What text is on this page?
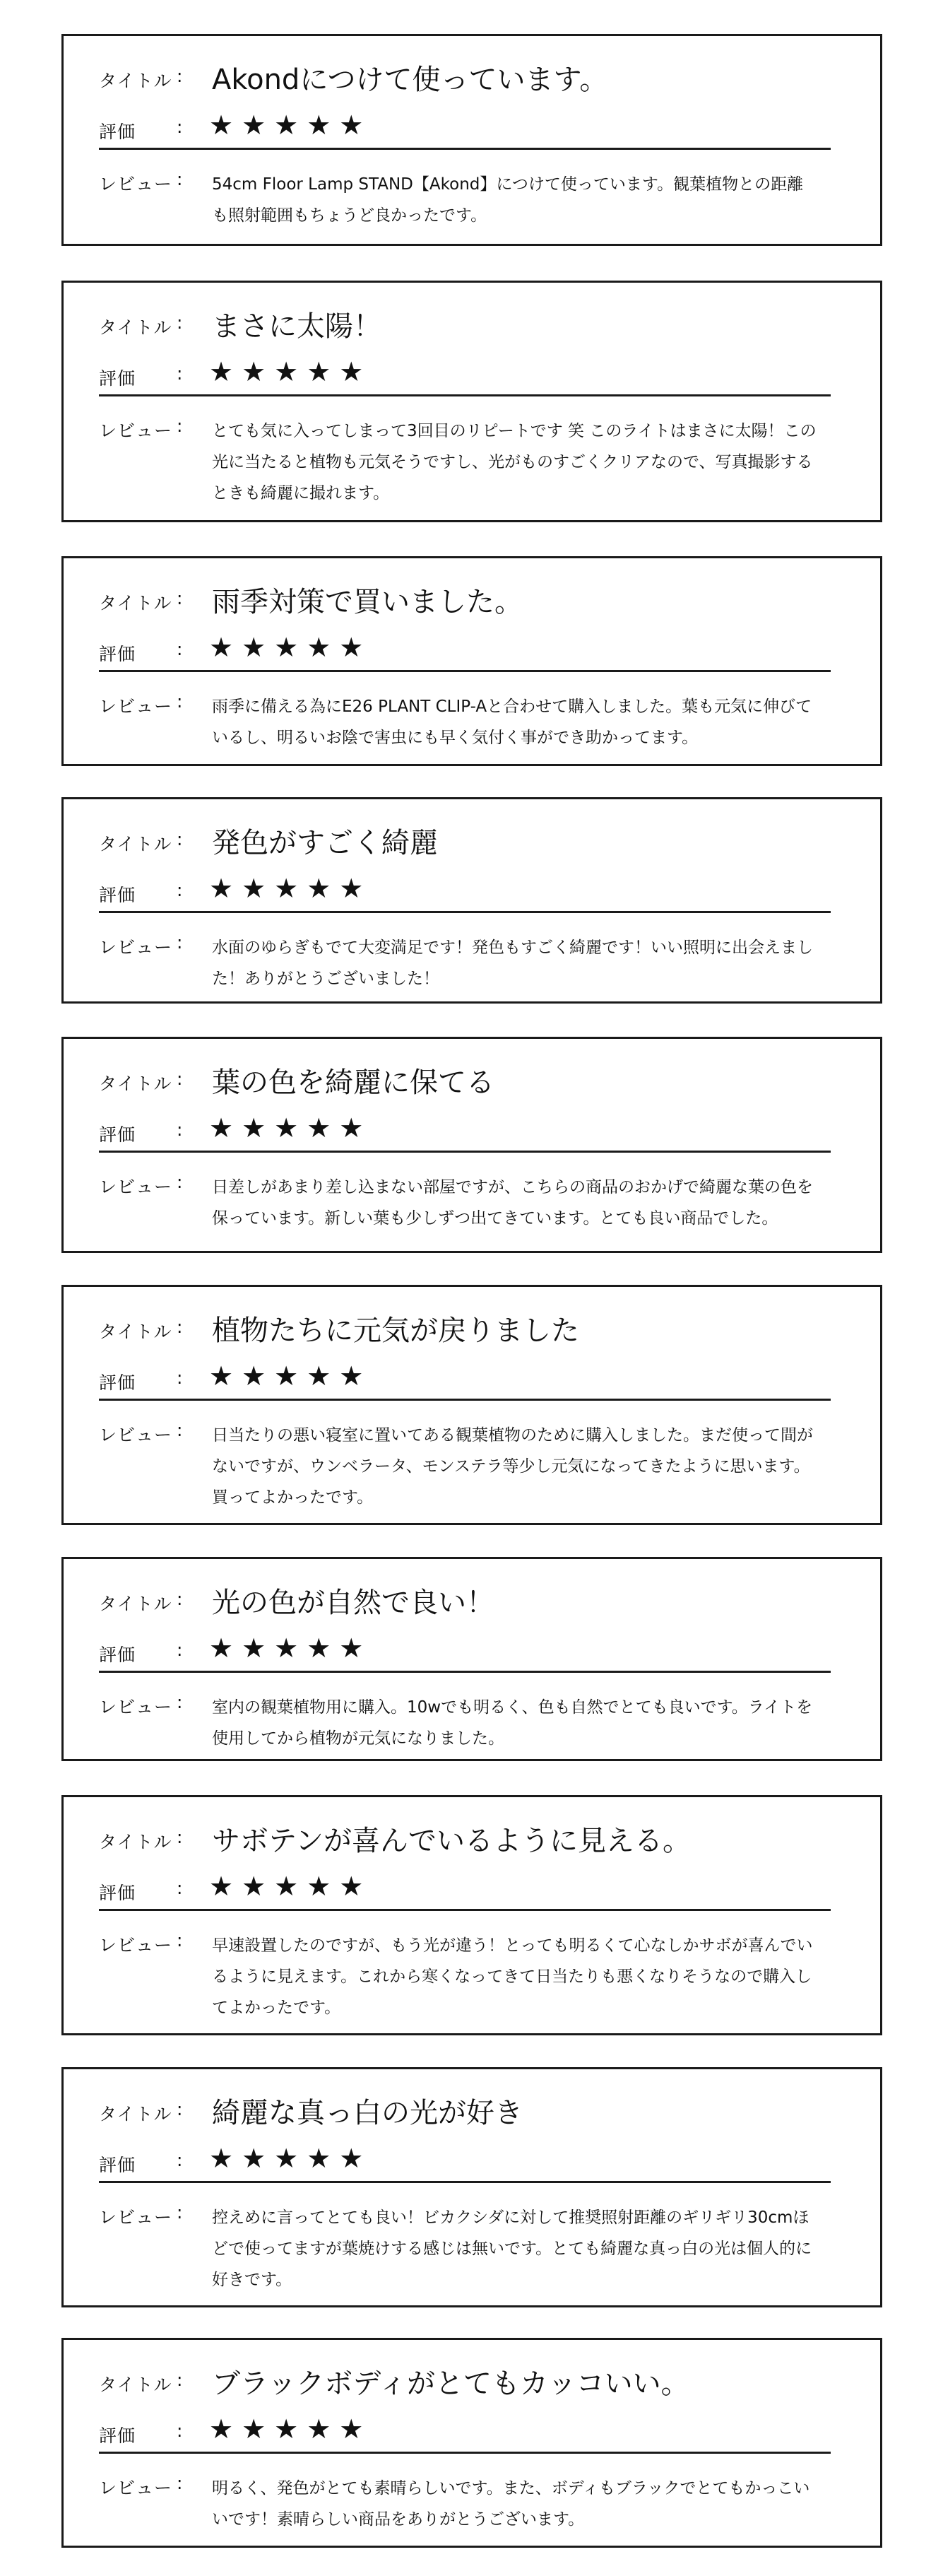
タイトル : Akondにつけて使っています。
評価 : ★★★★★
レビュー : 54cm Floor Lamp STAND【Akond】につけて使っています。観葉植物との距離も照射範囲もちょうど良かったです。
タイトル : まさに太陽！
評価 : ★★★★★
レビュー : とても気に入ってしまって3回目のリピートです 笑 このライトはまさに太陽！この光に当たると植物も元気そうですし、光がものすごくクリアなので、写真撮影するときも綺麗に撮れます。
タイトル : 雨季対策で買いました。
評価 : ★★★★★
レビュー : 雨季に備える為にE26 PLANT CLIP-Aと合わせて購入しました。葉も元気に伸びているし、明るいお陰で害虫にも早く気付く事ができ助かってます。
タイトル : 発色がすごく綺麗
評価 : ★★★★★
レビュー : 水面のゆらぎもでて大変満足です！発色もすごく綺麗です！いい照明に出会えました！ありがとうございました！
タイトル : 葉の色を綺麗に保てる
評価 : ★★★★★
レビュー : 日差しがあまり差し込まない部屋ですが、こちらの商品のおかげで綺麗な葉の色を保っています。新しい葉も少しずつ出てきています。とても良い商品でした。
タイトル : 植物たちに元気が戻りました
評価 : ★★★★★
レビュー : 日当たりの悪い寝室に置いてある観葉植物のために購入しました。まだ使って間がないですが、ウンベラータ、モンステラ等少し元気になってきたように思います。買ってよかったです。
タイトル : 光の色が自然で良い！
評価 : ★★★★★
レビュー : 室内の観葉植物用に購入。10wでも明るく、色も自然でとても良いです。ライトを使用してから植物が元気になりました。
タイトル : サボテンが喜んでいるように見える。
評価 : ★★★★★
レビュー : 早速設置したのですが、もう光が違う！とっても明るくて心なしかサボが喜んでいるように見えます。これから寒くなってきて日当たりも悪くなりそうなので購入してよかったです。
タイトル : 綺麗な真っ白の光が好き
評価 : ★★★★★
レビュー : 控えめに言ってとても良い！ビカクシダに対して推奨照射距離のギリギリ30cmほどで使ってますが葉焼けする感じは無いです。とても綺麗な真っ白の光は個人的に好きです。
タイトル : ブラックボディがとてもカッコいい。
評価 : ★★★★★
レビュー : 明るく、発色がとても素晴らしいです。また、ボディもブラックでとてもかっこいいです！素晴らしい商品をありがとうございます。
